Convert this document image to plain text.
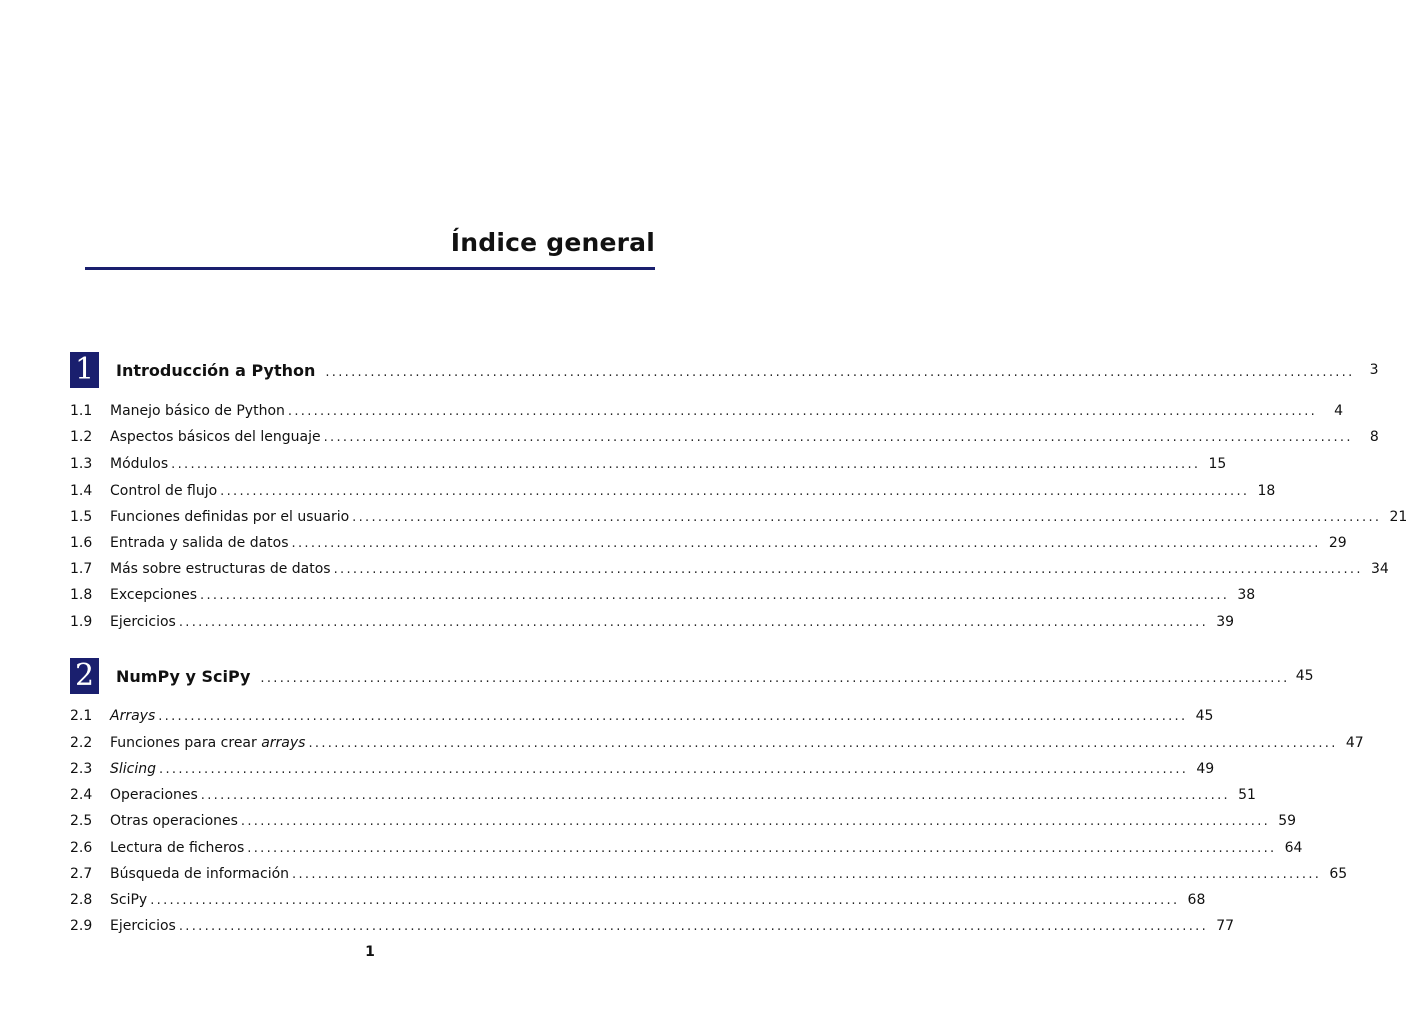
Índice general
1	Introducción a Python ................................................................................................................................................................	3
1.1	Manejo básico de Python ................................................................................................................................................................	4
1.2	Aspectos básicos del lenguaje ................................................................................................................................................................	8
1.3	Módulos ................................................................................................................................................................ 15
1.4	Control de flujo ................................................................................................................................................................ 18
1.5	Funciones definidas por el usuario ................................................................................................................................................................ 21
1.6	Entrada y salida de datos ................................................................................................................................................................ 29
1.7	Más sobre estructuras de datos ................................................................................................................................................................ 34
1.8	Excepciones ................................................................................................................................................................ 38
1.9	Ejercicios ................................................................................................................................................................ 39
2	NumPy y SciPy ................................................................................................................................................................ 45
2.1	Arrays ................................................................................................................................................................ 45
2.2	Funciones para crear arrays ................................................................................................................................................................ 47
2.3	Slicing ................................................................................................................................................................ 49
2.4	Operaciones ................................................................................................................................................................ 51
2.5	Otras operaciones ................................................................................................................................................................ 59
2.6	Lectura de ficheros ................................................................................................................................................................ 64
2.7	Búsqueda de información ................................................................................................................................................................ 65
2.8	SciPy ................................................................................................................................................................ 68
2.9	Ejercicios ................................................................................................................................................................ 77
1
